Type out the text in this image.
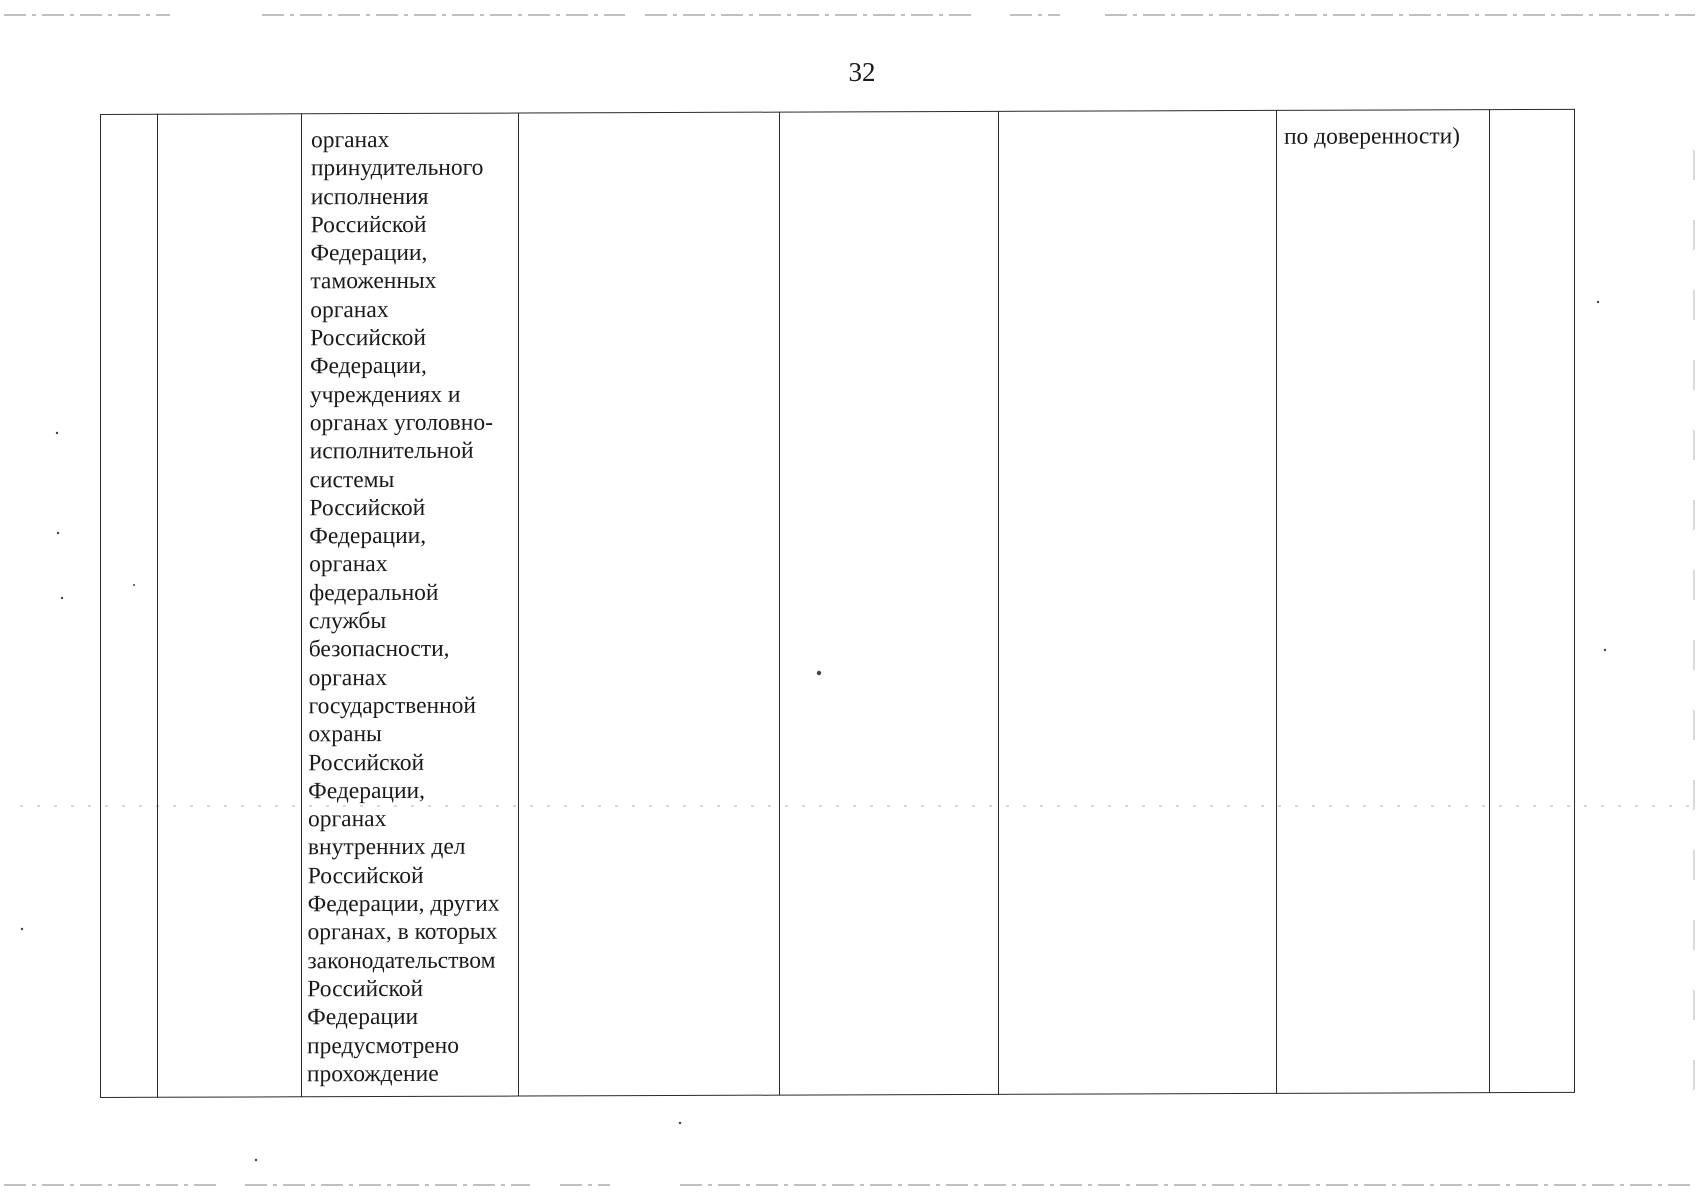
32

органах
принудительного
исполнения
Российской
Федерации,
таможенных
органах
Российской
Федерации,
учреждениях и
органах уголовно-
исполнительной
системы
Российской
Федерации,
органах
федеральной
службы
безопасности,
органах
государственной
охраны
Российской
Федерации,
органах
внутренних дел
Российской
Федерации, других
органах, в которых
законодательством
Российской
Федерации
предусмотрено
прохождение

по доверенности)
